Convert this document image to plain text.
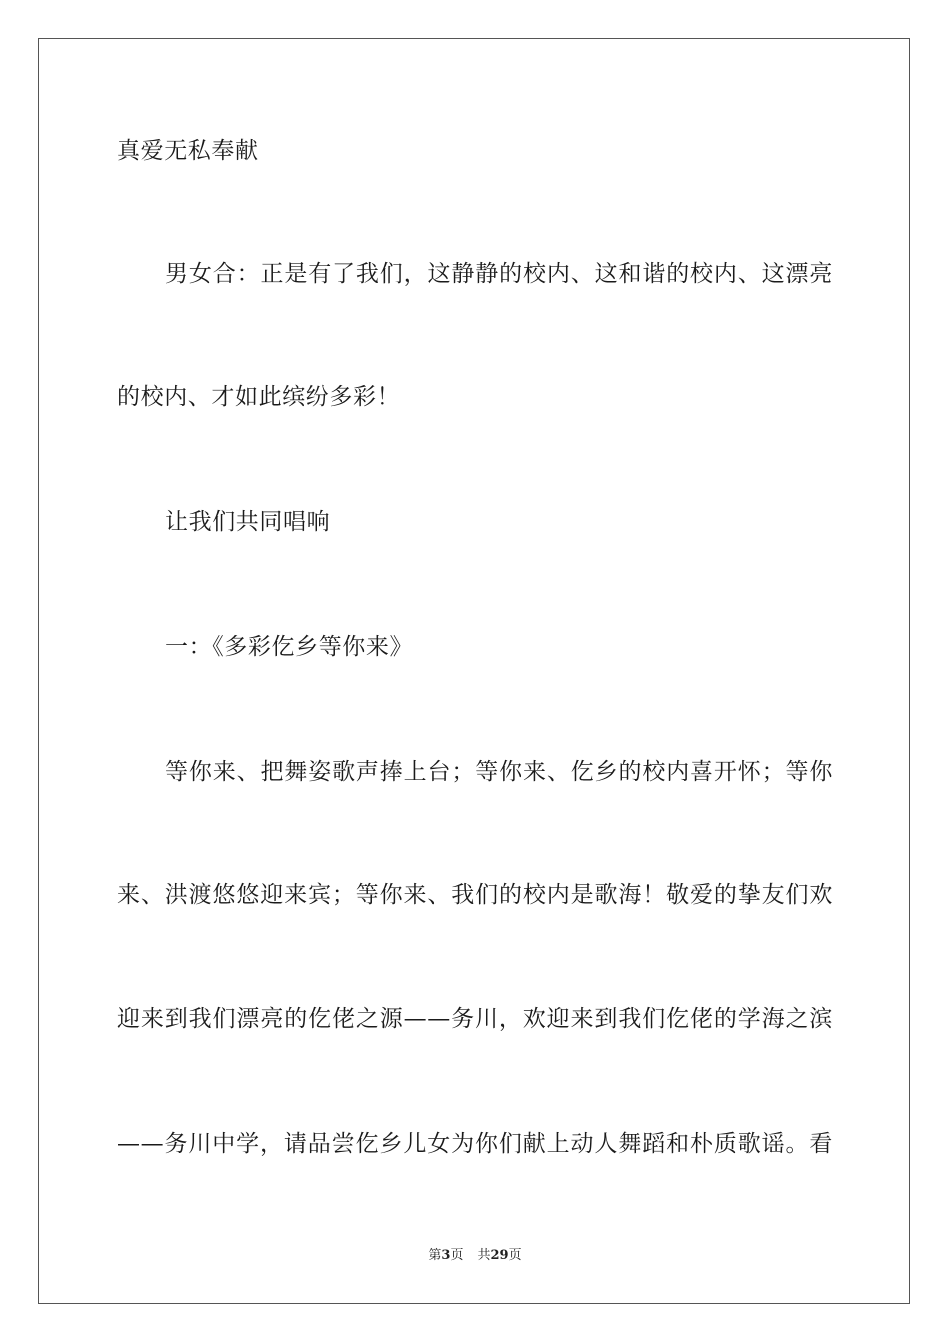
真爱无私奉献
男女合：正是有了我们，这静静的校内、这和谐的校内、这漂亮
的校内、才如此缤纷多彩！
让我们共同唱响
一：《多彩仡乡等你来》
等你来、把舞姿歌声捧上台；等你来、仡乡的校内喜开怀；等你
来、洪渡悠悠迎来宾；等你来、我们的校内是歌海！敬爱的挚友们欢
迎来到我们漂亮的仡佬之源——务川，欢迎来到我们仡佬的学海之滨
——务川中学，请品尝仡乡儿女为你们献上动人舞蹈和朴质歌谣。看
第3页 共29页
